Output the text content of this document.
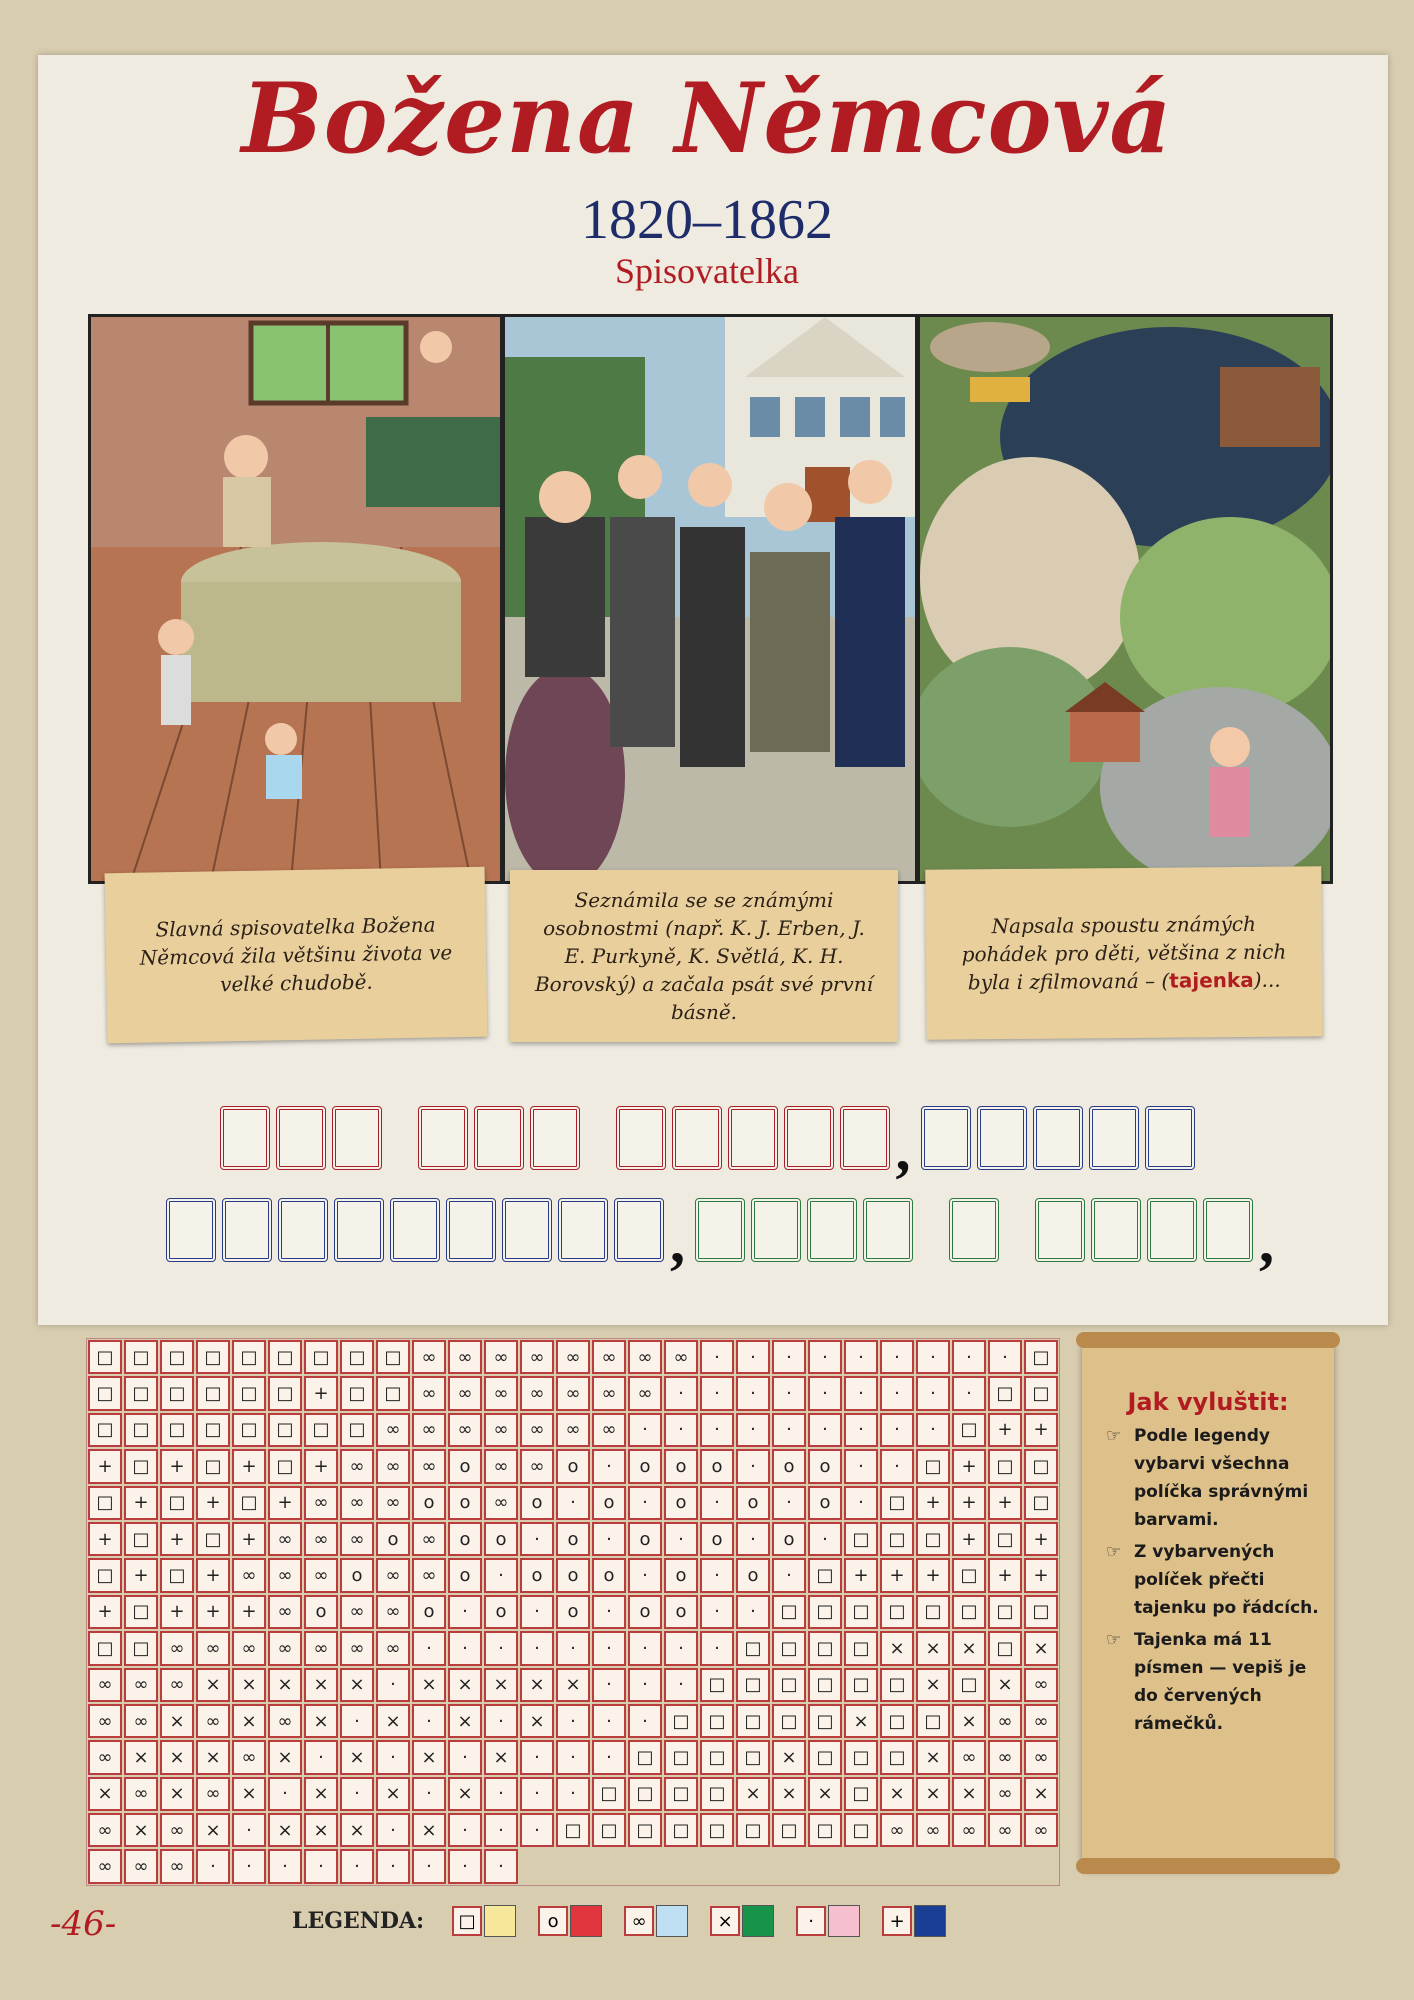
Božena Němcová
1820–1862
Spisovatelka
Slavná spisovatelka Božena Němcová žila většinu života ve velké chudobě.
Seznámila se se známými osobnostmi (např. K. J. Erben, J. E. Purkyně, K. Světlá, K. H. Borovský) a začala psát své první básně.
Napsala spoustu známých pohádek pro děti, většina z nich byla i zfilmovaná – (tajenka)...
,
,	,
□	□	□	□	□	□	□	□	□	∞	∞	∞	∞	∞	∞	∞	∞	·	·	·	·	·	·	·	·	·	□
□	□	□	□	□	□	+	□	□	∞	∞	∞	∞	∞	∞	∞	·	·	·	·	·	·	·	·	·	□	□
□	□	□	□	□	□	□	□	∞	∞	∞	∞	∞	∞	∞	·	·	·	·	·	·	·	·	·	□	+	+
+	□	+	□	+	□	+	∞	∞	∞	o	∞	∞	o	·	o	o	o	·	o	o	·	·	□	+	□	□
□	+	□	+	□	+	∞	∞	∞	o	o	∞	o	·	o	·	o	·	o	·	o	·	□	+	+	+	□
+	□	+	□	+	∞	∞	∞	o	∞	o	o	·	o	·	o	·	o	·	o	·	□	□	□	+	□	+
□	+	□	+	∞	∞	∞	o	∞	∞	o	·	o	o	o	·	o	·	o	·	□	+	+	+	□	+	+
+	□	+	+	+	∞	o	∞	∞	o	·	o	·	o	·	o	o	·	·	□	□	□	□	□	□	□	□
□	□	∞	∞	∞	∞	∞	∞	∞	·	·	·	·	·	·	·	·	·	□	□	□	□	×	×	×	□	×
∞	∞	∞	×	×	×	×	×	·	×	×	×	×	×	·	·	·	□	□	□	□	□	□	×	□	×	∞
∞	∞	×	∞	×	∞	×	·	×	·	×	·	×	·	·	·	□	□	□	□	□	×	□	□	×	∞	∞
∞	×	×	×	∞	×	·	×	·	×	·	×	·	·	·	□	□	□	□	×	□	□	□	×	∞	∞	∞
×	∞	×	∞	×	·	×	·	×	·	×	·	·	·	□	□	□	□	×	×	×	□	×	×	×	∞	×
∞	×	∞	×	·	×	×	×	·	×	·	·	·	□	□	□	□	□	□	□	□	□	∞	∞	∞	∞	∞
∞	∞	∞	·	·	·	·	·	·	·	·	·
Jak vyluštit:
☞ Podle legendy vybarvi všechna políčka správnými barvami.
☞ Z vybarvených políček přečti tajenku po řádcích.
☞ Tajenka má 11 písmen — vepiš je do červených rámečků.
-46-	LEGENDA:	□	o	∞	×	·	+
